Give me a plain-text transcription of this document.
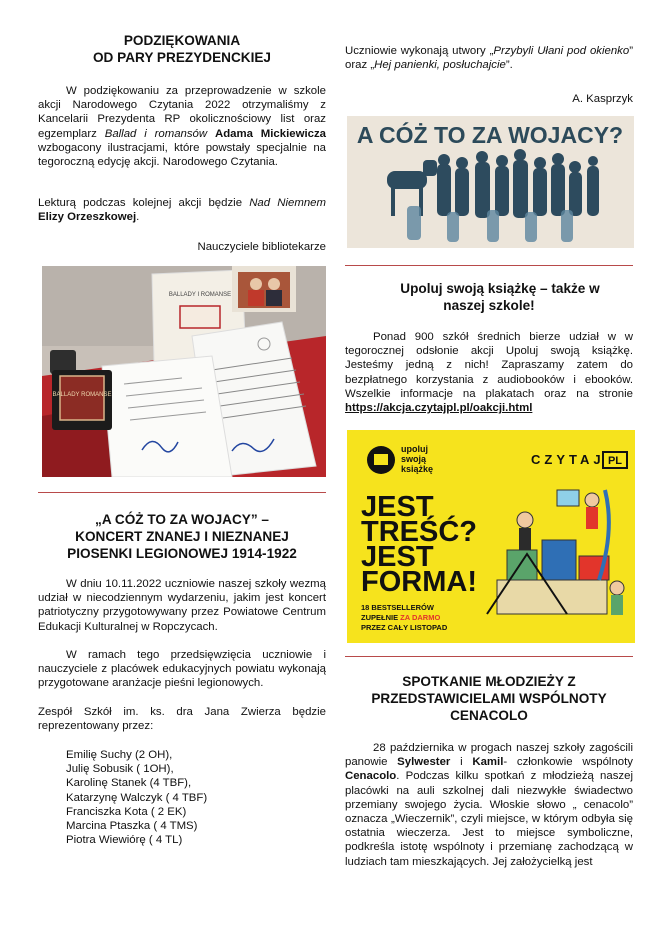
PODZIĘKOWANIA
OD PARY PREZYDENCKIEJ

W podziękowaniu za przeprowadzenie w szkole akcji Narodowego Czytania 2022 otrzymaliśmy z Kancelarii Prezydenta RP okolicznościowy list oraz egzemplarz Ballad i romansów Adama Mickiewicza wzbogacony ilustracjami, które powstały specjalnie na tegoroczną edycję akcji. Narodowego Czytania.

Lekturą podczas kolejnej akcji będzie Nad Niemnem Elizy Orzeszkowej.

Nauczyciele bibliotekarze

BALLADY I ROMANSE
BALLADY ROMANSE
„A CÓŻ TO ZA WOJACY” –
KONCERT ZNANEJ I NIEZNANEJ
PIOSENKI LEGIONOWEJ 1914-1922

W dniu 10.11.2022 uczniowie naszej szkoły wezmą udział w niecodziennym wydarzeniu, jakim jest koncert patriotyczny przygotowywany przez Powiatowe Centrum Edukacji Kulturalnej w Ropczycach.

W ramach tego przedsięwzięcia uczniowie i nauczyciele z placówek edukacyjnych powiatu wykonają przygotowane aranżacje pieśni legionowych.

Zespół Szkół im. ks. dra Jana Zwierza będzie reprezentowany przez:

Emilię Suchy (2 OH),
Julię Sobusik ( 1OH),
Karolinę Stanek (4 TBF),
Katarzynę Walczyk ( 4 TBF)
Franciszka Kota ( 2 EK)
Marcina Ptaszka ( 4 TMS)
Piotra Wiewiórę ( 4 TL)

Uczniowie wykonają utwory „Przybyli Ułani pod okienko” oraz „Hej panienki, posłuchajcie”.

A. Kasprzyk

A CÓŻ TO ZA WOJACY?
Upoluj swoją książkę – także w
naszej szkole!

Ponad 900 szkół średnich bierze udział w w tegorocznej odsłonie akcji Upoluj swoją książkę. Jesteśmy jedną z nich! Zapraszamy zatem do bezpłatnego korzystania z audiobooków i ebooków. Wszelkie informacje na plakatach oraz na stronie https://akcja.czytajpl.pl/oakcji.html

upoluj
swoją
książkę
CZYTAJ PL
JEST
TREŚĆ?
JEST
FORMA!
18 BESTSELLERÓW
ZUPEŁNIE ZA DARMO
PRZEZ CAŁY LISTOPAD
SPOTKANIE MŁODZIEŻY Z
PRZEDSTAWICIELAMI WSPÓLNOTY
CENACOLO

28 października w progach naszej szkoły zagościli panowie Sylwester i Kamil- członkowie wspólnoty Cenacolo. Podczas kilku spotkań z młodzieżą naszej placówki na auli szkolnej dali niezwykłe świadectwo przemiany swojego życia. Włoskie słowo „ cenacolo” oznacza „Wieczernik”, czyli miejsce, w którym odbyła się ostatnia wieczerza. Jest to miejsce symboliczne, podkreśla istotę wspólnoty i przemianę zachodzącą w ludziach tam mieszkających. Jej założycielką jest
